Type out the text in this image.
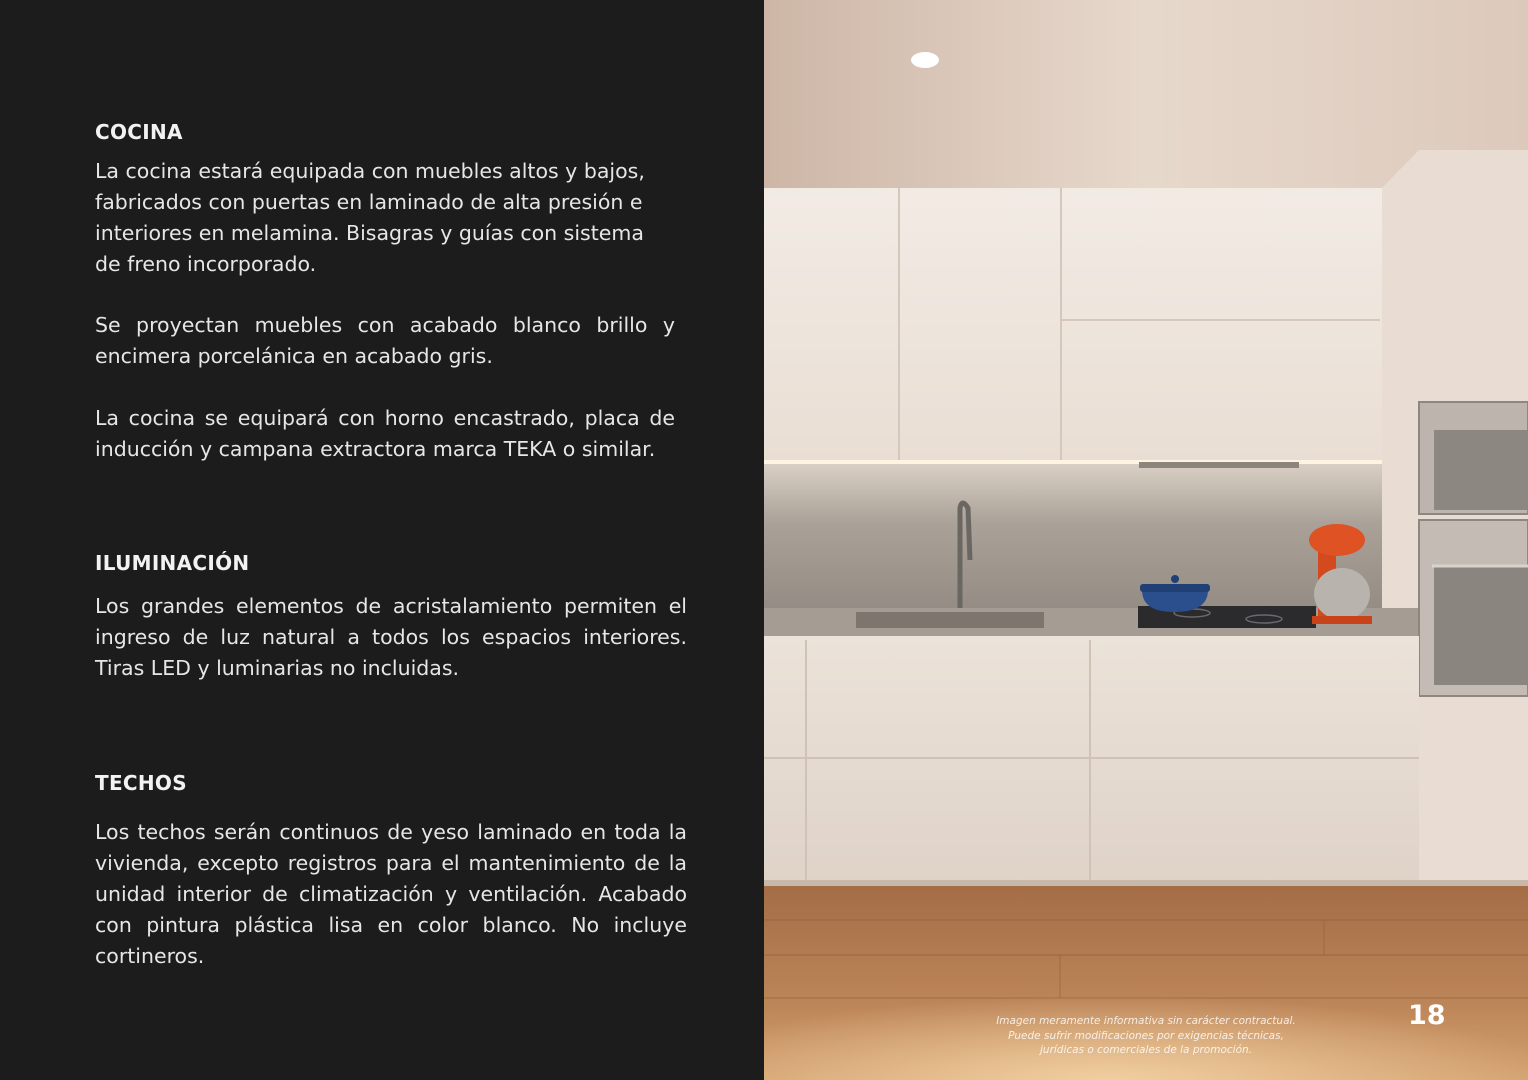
COCINA

La cocina estará equipada con muebles altos y bajos, fabricados con puertas en laminado de alta presión e interiores en melamina. Bisagras y guías con sistema de freno incorporado.

Se proyectan muebles con acabado blanco brillo y encimera porcelánica en acabado gris.

La cocina se equipará con horno encastrado, placa de inducción y campana extractora marca TEKA o similar.

ILUMINACIÓN

Los grandes elementos de acristalamiento permiten el ingreso de luz natural a todos los espacios interiores. Tiras LED y luminarias no incluidas.

TECHOS

Los techos serán continuos de yeso laminado en toda la vivienda, excepto registros para el mantenimiento de la unidad interior de climatización y ventilación. Acabado con pintura plástica lisa en color blanco. No incluye cortineros.

Imagen meramente informativa sin carácter contractual.
Puede sufrir modificaciones por exigencias técnicas,
jurídicas o comerciales de la promoción.
18
